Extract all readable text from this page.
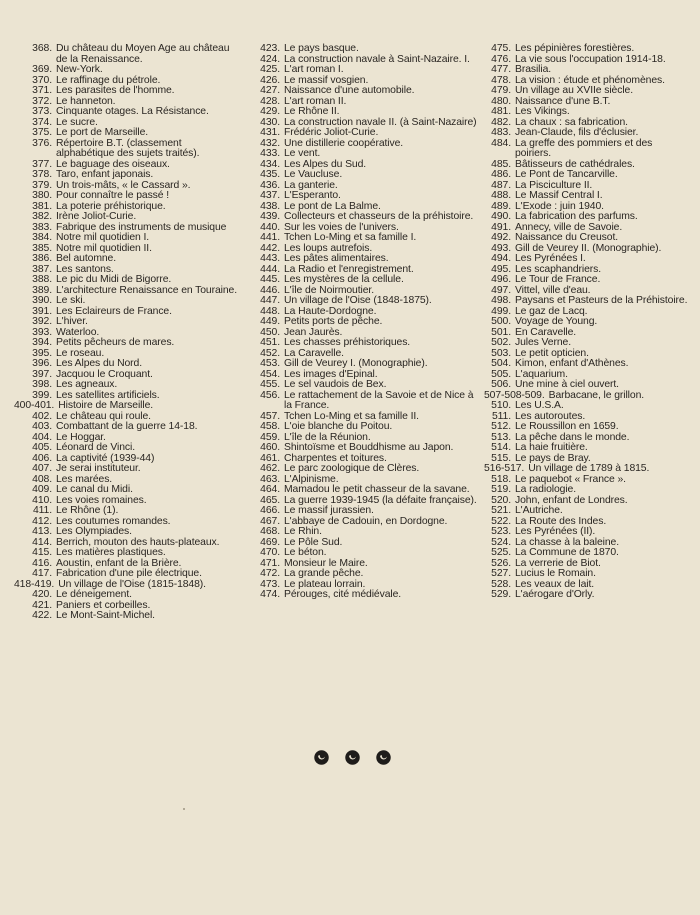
368. Du château du Moyen Age au château de la Renaissance.
369. New-York.
370. Le raffinage du pétrole.
371. Les parasites de l'homme.
372. Le hanneton.
373. Cinquante otages. La Résistance.
374. Le sucre.
375. Le port de Marseille.
376. Répertoire B.T. (classement alphabétique des sujets traités).
377. Le baguage des oiseaux.
378. Taro, enfant japonais.
379. Un trois-mâts, « le Cassard ».
380. Pour connaître le passé !
381. La poterie préhistorique.
382. Irène Joliot-Curie.
383. Fabrique des instruments de musique
384. Notre mil quotidien I.
385. Notre mil quotidien II.
386. Bel automne.
387. Les santons.
388. Le pic du Midi de Bigorre.
389. L'architecture Renaissance en Touraine.
390. Le ski.
391. Les Eclaireurs de France.
392. L'hiver.
393. Waterloo.
394. Petits pêcheurs de mares.
395. Le roseau.
396. Les Alpes du Nord.
397. Jacquou le Croquant.
398. Les agneaux.
399. Les satellites artificiels.
400-401. Histoire de Marseille.
402. Le château qui roule.
403. Combattant de la guerre 14-18.
404. Le Hoggar.
405. Léonard de Vinci.
406. La captivité (1939-44)
407. Je serai instituteur.
408. Les marées.
409. Le canal du Midi.
410. Les voies romaines.
411. Le Rhône (1).
412. Les coutumes romandes.
413. Les Olympiades.
414. Berrich, mouton des hauts-plateaux.
415. Les matières plastiques.
416. Aoustin, enfant de la Brière.
417. Fabrication d'une pile électrique.
418-419. Un village de l'Oise (1815-1848).
420. Le déneigement.
421. Paniers et corbeilles.
422. Le Mont-Saint-Michel.
423. Le pays basque.
424. La construction navale à Saint-Nazaire. I.
425. L'art roman I.
426. Le massif vosgien.
427. Naissance d'une automobile.
428. L'art roman II.
429. Le Rhône II.
430. La construction navale II. (à Saint-Nazaire)
431. Frédéric Joliot-Curie.
432. Une distillerie coopérative.
433. Le vent.
434. Les Alpes du Sud.
435. Le Vaucluse.
436. La ganterie.
437. L'Esperanto.
438. Le pont de La Balme.
439. Collecteurs et chasseurs de la préhistoire.
440. Sur les voies de l'univers.
441. Tchen Lo-Ming et sa famille I.
442. Les loups autrefois.
443. Les pâtes alimentaires.
444. La Radio et l'enregistrement.
445. Les mystères de la cellule.
446. L'île de Noirmoutier.
447. Un village de l'Oise (1848-1875).
448. La Haute-Dordogne.
449. Petits ports de pêche.
450. Jean Jaurès.
451. Les chasses préhistoriques.
452. La Caravelle.
453. Gill de Veurey I. (Monographie).
454. Les images d'Epinal.
455. Le sel vaudois de Bex.
456. Le rattachement de la Savoie et de Nice à la France.
457. Tchen Lo-Ming et sa famille II.
458. L'oie blanche du Poitou.
459. L'île de la Réunion.
460. Shintoïsme et Bouddhisme au Japon.
461. Charpentes et toitures.
462. Le parc zoologique de Clères.
463. L'Alpinisme.
464. Mamadou le petit chasseur de la savane.
465. La guerre 1939-1945 (la défaite française).
466. Le massif jurassien.
467. L'abbaye de Cadouin, en Dordogne.
468. Le Rhin.
469. Le Pôle Sud.
470. Le béton.
471. Monsieur le Maire.
472. La grande pêche.
473. Le plateau lorrain.
474. Pérouges, cité médiévale.
475. Les pépinières forestières.
476. La vie sous l'occupation 1914-18.
477. Brasilia.
478. La vision : étude et phénomènes.
479. Un village au XVIIe siècle.
480. Naissance d'une B.T.
481. Les Vikings.
482. La chaux : sa fabrication.
483. Jean-Claude, fils d'éclusier.
484. La greffe des pommiers et des poiriers.
485. Bâtisseurs de cathédrales.
486. Le Pont de Tancarville.
487. La Pisciculture II.
488. Le Massif Central I.
489. L'Exode : juin 1940.
490. La fabrication des parfums.
491. Annecy, ville de Savoie.
492. Naissance du Creusot.
493. Gill de Veurey II. (Monographie).
494. Les Pyrénées I.
495. Les scaphandriers.
496. Le Tour de France.
497. Vittel, ville d'eau.
498. Paysans et Pasteurs de la Préhistoire.
499. Le gaz de Lacq.
500. Voyage de Young.
501. En Caravelle.
502. Jules Verne.
503. Le petit opticien.
504. Kimon, enfant d'Athènes.
505. L'aquarium.
506. Une mine à ciel ouvert.
507-508-509. Barbacane, le grillon.
510. Les U.S.A.
511. Les autoroutes.
512. Le Roussillon en 1659.
513. La pêche dans le monde.
514. La haie fruitière.
515. Le pays de Bray.
516-517. Un village de 1789 à 1815.
518. Le paquebot « France ».
519. La radiologie.
520. John, enfant de Londres.
521. L'Autriche.
522. La Route des Indes.
523. Les Pyrénées (II).
524. La chasse à la baleine.
525. La Commune de 1870.
526. La verrerie de Biot.
527. Lucius le Romain.
528. Les veaux de lait.
529. L'aérogare d'Orly.
